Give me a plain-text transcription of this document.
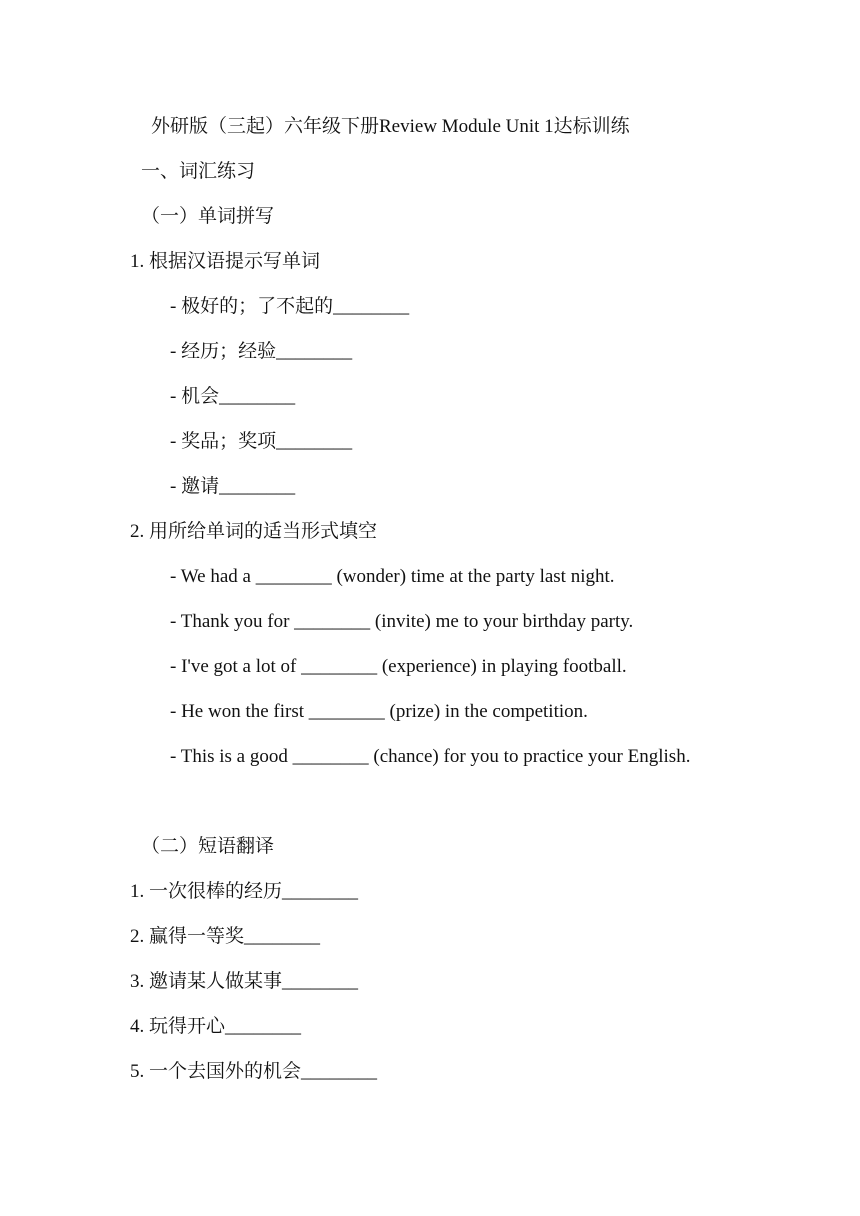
外研版（三起）六年级下册Review Module Unit 1达标训练
一、词汇练习
（一）单词拼写
1. 根据汉语提示写单词
- 极好的；了不起的________
- 经历；经验________
- 机会________
- 奖品；奖项________
- 邀请________
2. 用所给单词的适当形式填空
- We had a ________ (wonder) time at the party last night.
- Thank you for ________ (invite) me to your birthday party.
- I've got a lot of ________ (experience) in playing football.
- He won the first ________ (prize) in the competition.
- This is a good ________ (chance) for you to practice your English.
（二）短语翻译
1. 一次很棒的经历________
2. 赢得一等奖________
3. 邀请某人做某事________
4. 玩得开心________
5. 一个去国外的机会________
